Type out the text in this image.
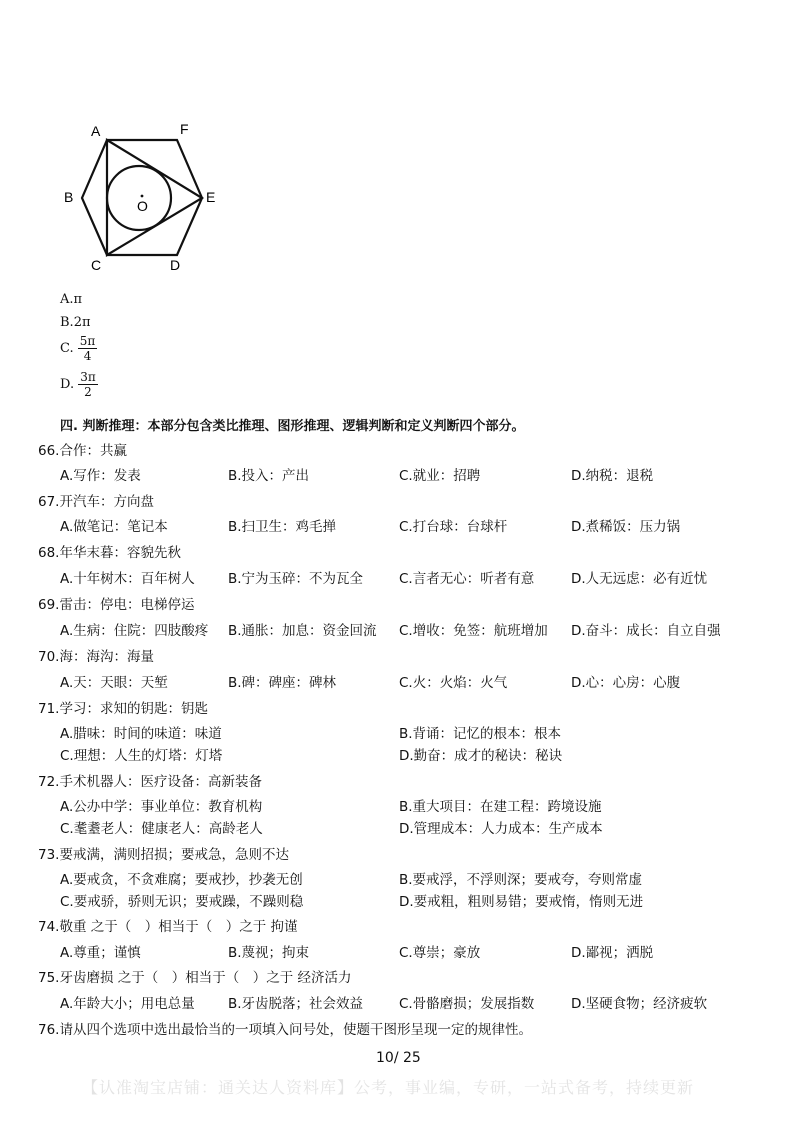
A	F
B	E
C	D
O
A.π
B.2π
C. $\frac{5\pi}{4}$
D. $\frac{3\pi}{2}$
四. 判断推理：本部分包含类比推理、图形推理、逻辑判断和定义判断四个部分。
66.合作：共赢
A.写作：发表	B.投入：产出	C.就业：招聘	D.纳税：退税
67.开汽车：方向盘
A.做笔记：笔记本	B.扫卫生：鸡毛掸	C.打台球：台球杆	D.煮稀饭：压力锅
68.年华末暮：容貌先秋
A.十年树木：百年树人 B.宁为玉碎：不为瓦全	C.言者无心：听者有意	D.人无远虑：必有近忧
69.雷击：停电：电梯停运
A.生病：住院：四肢酸疼 B.通胀：加息：资金回流 C.增收：免签：航班增加 D.奋斗：成长：自立自强
70.海：海沟：海量
A.天：天眼：天堑	B.碑：碑座：碑林	C.火：火焰：火气	D.心：心房：心腹
71.学习：求知的钥匙：钥匙
A.腊味：时间的味道：味道	B.背诵：记忆的根本：根本
C.理想：人生的灯塔：灯塔	D.勤奋：成才的秘诀：秘诀
72.手术机器人：医疗设备：高新装备
A.公办中学：事业单位：教育机构	B.重大项目：在建工程：跨境设施
C.耄耋老人：健康老人：高龄老人	D.管理成本：人力成本：生产成本
73.要戒满，满则招损；要戒急，急则不达
A.要戒贪，不贪难腐；要戒抄，抄袭无创	B.要戒浮，不浮则深；要戒夸，夸则常虚
C.要戒骄，骄则无识；要戒躁，不躁则稳	D.要戒粗，粗则易错；要戒惰，惰则无进
74.敬重 之于（　）相当于（　）之于 拘谨
A.尊重；谨慎	B.蔑视；拘束	C.尊崇；豪放	D.鄙视；洒脱
75.牙齿磨损 之于（　）相当于（　）之于 经济活力
A.年龄大小；用电总量 B.牙齿脱落；社会效益	C.骨骼磨损；发展指数	D.坚硬食物；经济疲软
76.请从四个选项中选出最恰当的一项填入问号处，使题干图形呈现一定的规律性。
10/ 25
【认准淘宝店铺：通关达人资料库】公考，事业编，专研，一站式备考，持续更新
